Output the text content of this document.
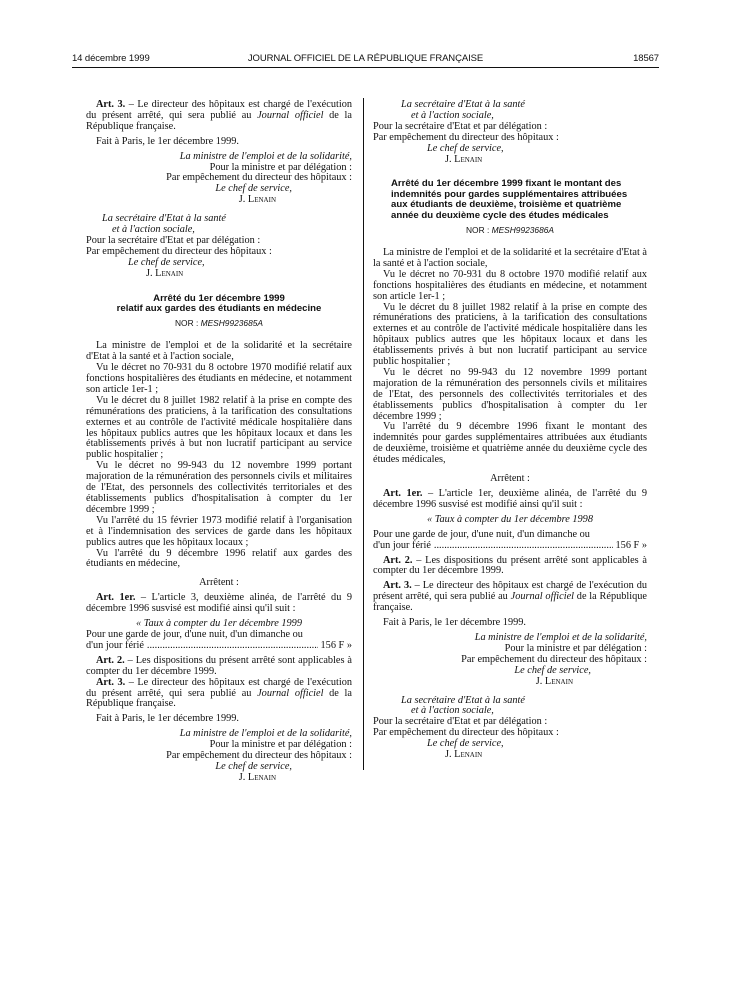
14 décembre 1999	JOURNAL OFFICIEL DE LA RÉPUBLIQUE FRANÇAISE	18567

Art. 3. – Le directeur des hôpitaux est chargé de l'exécution du présent arrêté, qui sera publié au Journal officiel de la République française.

Fait à Paris, le 1er décembre 1999.

La ministre de l'emploi et de la solidarité,

Pour la ministre et par délégation :

Par empêchement du directeur des hôpitaux :

Le chef de service,

J. Lenain

La secrétaire d'Etat à la santé

et à l'action sociale,

Pour la secrétaire d'Etat et par délégation :

Par empêchement du directeur des hôpitaux :

Le chef de service,

J. Lenain

Arrêté du 1er décembre 1999
relatif aux gardes des étudiants en médecine
NOR : MESH9923685A

La ministre de l'emploi et de la solidarité et la secrétaire d'Etat à la santé et à l'action sociale,

Vu le décret no 70-931 du 8 octobre 1970 modifié relatif aux fonctions hospitalières des étudiants en médecine, et notamment son article 1er-1 ;

Vu le décret du 8 juillet 1982 relatif à la prise en compte des rémunérations des praticiens, à la tarification des consultations externes et au contrôle de l'activité médicale hospitalière dans les hôpitaux publics autres que les hôpitaux locaux et dans les établissements privés à but non lucratif participant au service public hospitalier ;

Vu le décret no 99-943 du 12 novembre 1999 portant majoration de la rémunération des personnels civils et militaires de l'Etat, des personnels des collectivités territoriales et des établissements publics d'hospitalisation à compter du 1er décembre 1999 ;

Vu l'arrêté du 15 février 1973 modifié relatif à l'organisation et à l'indemnisation des services de garde dans les hôpitaux publics autres que les hôpitaux locaux ;

Vu l'arrêté du 9 décembre 1996 relatif aux gardes des étudiants en médecine,

Arrêtent :

Art. 1er. – L'article 3, deuxième alinéa, de l'arrêté du 9 décembre 1996 susvisé est modifié ainsi qu'il suit :

« Taux à compter du 1er décembre 1999

Pour une garde de jour, d'une nuit, d'un dimanche ou

d'un jour férié .....	156 F »

Art. 2. – Les dispositions du présent arrêté sont applicables à compter du 1er décembre 1999.

Art. 3. – Le directeur des hôpitaux est chargé de l'exécution du présent arrêté, qui sera publié au Journal officiel de la République française.

Fait à Paris, le 1er décembre 1999.

La ministre de l'emploi et de la solidarité,

Pour la ministre et par délégation :

Par empêchement du directeur des hôpitaux :

Le chef de service,

J. Lenain

La secrétaire d'Etat à la santé

et à l'action sociale,

Pour la secrétaire d'Etat et par délégation :

Par empêchement du directeur des hôpitaux :

Le chef de service,

J. Lenain

Arrêté du 1er décembre 1999 fixant le montant des indemnités pour gardes supplémentaires attribuées aux étudiants de deuxième, troisième et quatrième année du deuxième cycle des études médicales
NOR : MESH9923686A

La ministre de l'emploi et de la solidarité et la secrétaire d'Etat à la santé et à l'action sociale,

Vu le décret no 70-931 du 8 octobre 1970 modifié relatif aux fonctions hospitalières des étudiants en médecine, et notamment son article 1er-1 ;

Vu le décret du 8 juillet 1982 relatif à la prise en compte des rémunérations des praticiens, à la tarification des consultations externes et au contrôle de l'activité médicale hospitalière dans les hôpitaux publics autres que les hôpitaux locaux et dans les établissements privés à but non lucratif participant au service public hospitalier ;

Vu le décret no 99-943 du 12 novembre 1999 portant majoration de la rémunération des personnels civils et militaires de l'Etat, des personnels des collectivités territoriales et des établissements publics d'hospitalisation à compter du 1er décembre 1999 ;

Vu l'arrêté du 9 décembre 1996 fixant le montant des indemnités pour gardes supplémentaires attribuées aux étudiants de deuxième, troisième et quatrième année du deuxième cycle des études médicales,

Arrêtent :

Art. 1er. – L'article 1er, deuxième alinéa, de l'arrêté du 9 décembre 1996 susvisé est modifié ainsi qu'il suit :

« Taux à compter du 1er décembre 1998

Pour une garde de jour, d'une nuit, d'un dimanche ou

d'un jour férié .....	156 F »

Art. 2. – Les dispositions du présent arrêté sont applicables à compter du 1er décembre 1999.

Art. 3. – Le directeur des hôpitaux est chargé de l'exécution du présent arrêté, qui sera publié au Journal officiel de la République française.

Fait à Paris, le 1er décembre 1999.

La ministre de l'emploi et de la solidarité,

Pour la ministre et par délégation :

Par empêchement du directeur des hôpitaux :

Le chef de service,

J. Lenain

La secrétaire d'Etat à la santé

et à l'action sociale,

Pour la secrétaire d'Etat et par délégation :

Par empêchement du directeur des hôpitaux :

Le chef de service,

J. Lenain
